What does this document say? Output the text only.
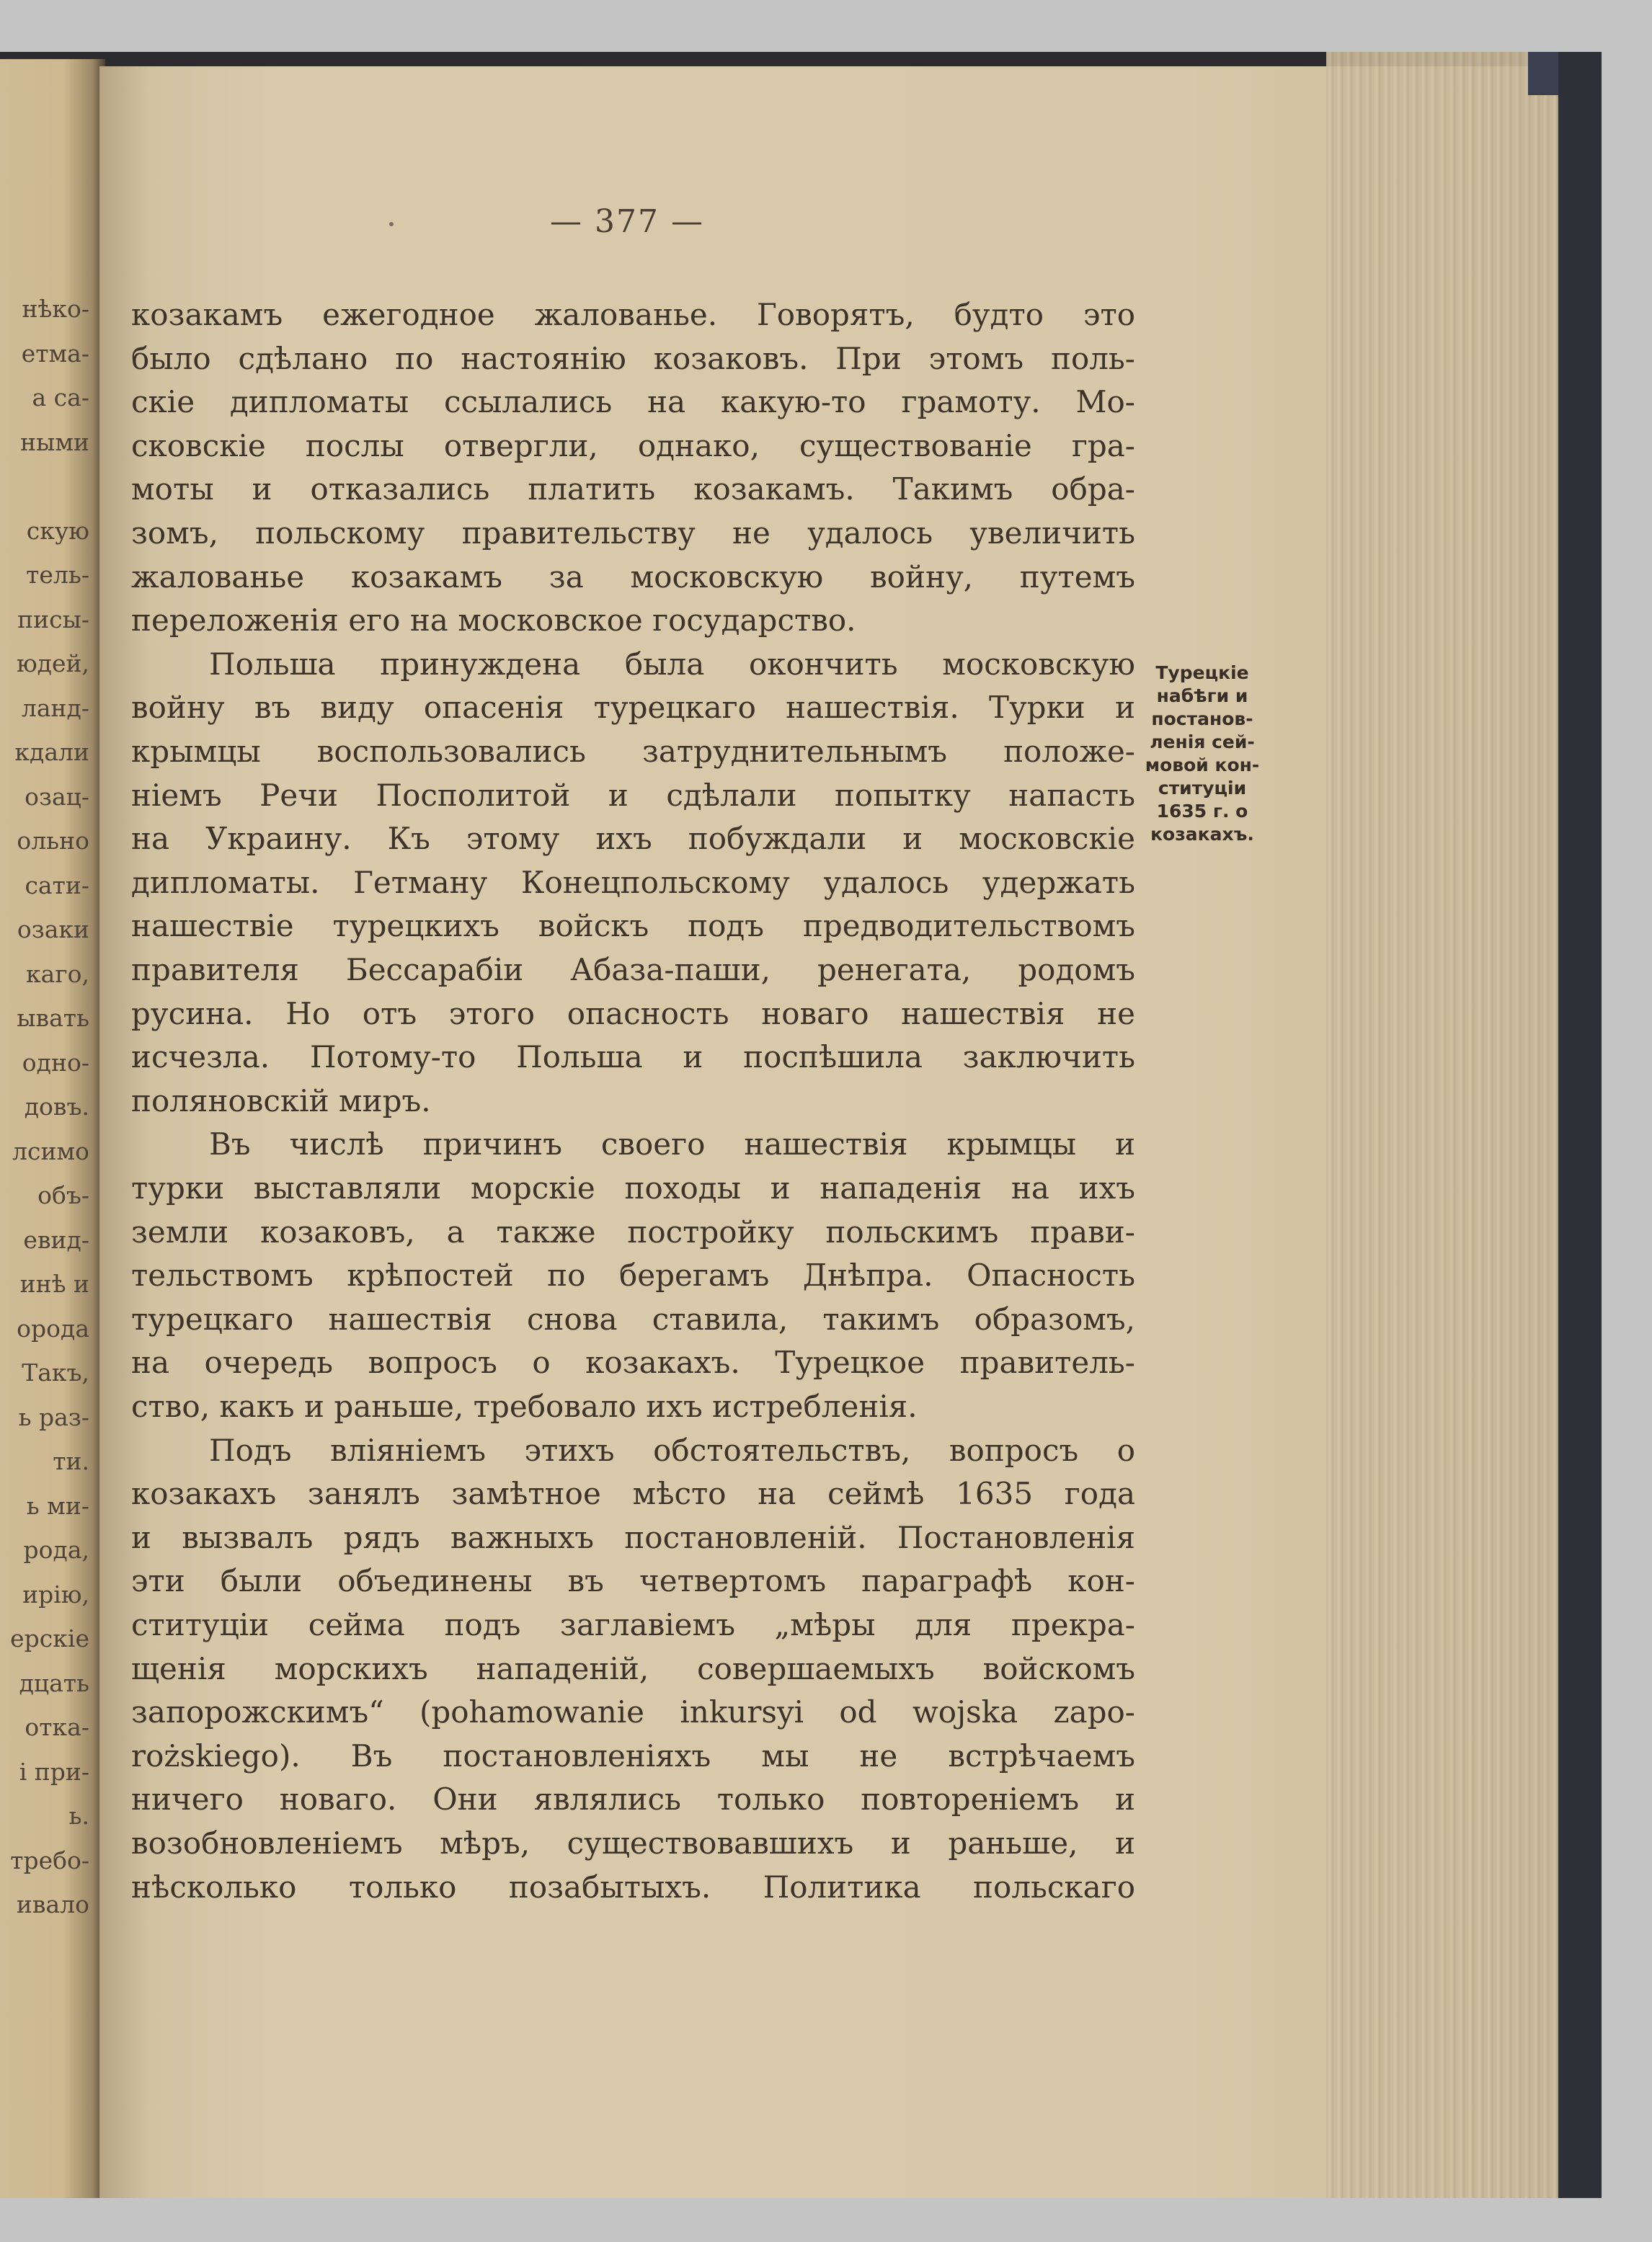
нѣко-
етма-
а са-
ными
скую
тель-
писы-
юдей,
ланд-
кдали
озац-
ольно
сати-
озаки
каго,
ывать
одно-
довъ.
лсимо
объ-
евид-
инѣ и
орода
Такъ,
ь раз-
ти.
ь ми-
рода,
ирiю,
ерскiе
дцать
отка-
і при-
ь.
требо-
ивало
— 377 —
козакамъ ежегодное жалованье. Говорятъ, будто это
было сдѣлано по настоянiю козаковъ. При этомъ поль-
скiе дипломаты ссылались на какую-то грамоту. Мо-
сковскiе послы отвергли, однако, существованiе гра-
моты и отказались платить козакамъ. Такимъ обра-
зомъ, польскому правительству не удалось увеличить
жалованье козакамъ за московскую войну, путемъ
переложенiя его на московское государство.
Польша принуждена была окончить московскую
войну въ виду опасенiя турецкаго нашествiя. Турки и
крымцы воспользовались затруднительнымъ положе-
нiемъ Речи Посполитой и сдѣлали попытку напасть
на Украину. Къ этому ихъ побуждали и московскiе
дипломаты. Гетману Конецпольскому удалось удержать
нашествiе турецкихъ войскъ подъ предводительствомъ
правителя Бессарабiи Абаза-паши, ренегата, родомъ
русина. Но отъ этого опасность новаго нашествiя не
исчезла. Потому-то Польша и поспѣшила заключить
поляновскiй миръ.
Въ числѣ причинъ своего нашествiя крымцы и
турки выставляли морскiе походы и нападенiя на ихъ
земли козаковъ, а также постройку польскимъ прави-
тельствомъ крѣпостей по берегамъ Днѣпра. Опасность
турецкаго нашествiя снова ставила, такимъ образомъ,
на очередь вопросъ о козакахъ. Турецкое правитель-
ство, какъ и раньше, требовало ихъ истребленiя.
Подъ влiянiемъ этихъ обстоятельствъ, вопросъ о
козакахъ занялъ замѣтное мѣсто на сеймѣ 1635 года
и вызвалъ рядъ важныхъ постановленiй. Постановленiя
эти были объединены въ четвертомъ параграфѣ кон-
ституцiи сейма подъ заглавiемъ „мѣры для прекра-
щенiя морскихъ нападенiй, совершаемыхъ войскомъ
запорожскимъ“ (pohamowanie inkursyi od wojska zapo-
rożskiego). Въ постановленiяхъ мы не встрѣчаемъ
ничего новаго. Они являлись только повторенiемъ и
возобновленiемъ мѣръ, существовавшихъ и раньше, и
нѣсколько только позабытыхъ. Политика польскаго
Турецкiе
набѣги и
постанов-
ленiя сей-
мовой кон-
ституцiи
1635 г. о
козакахъ.
